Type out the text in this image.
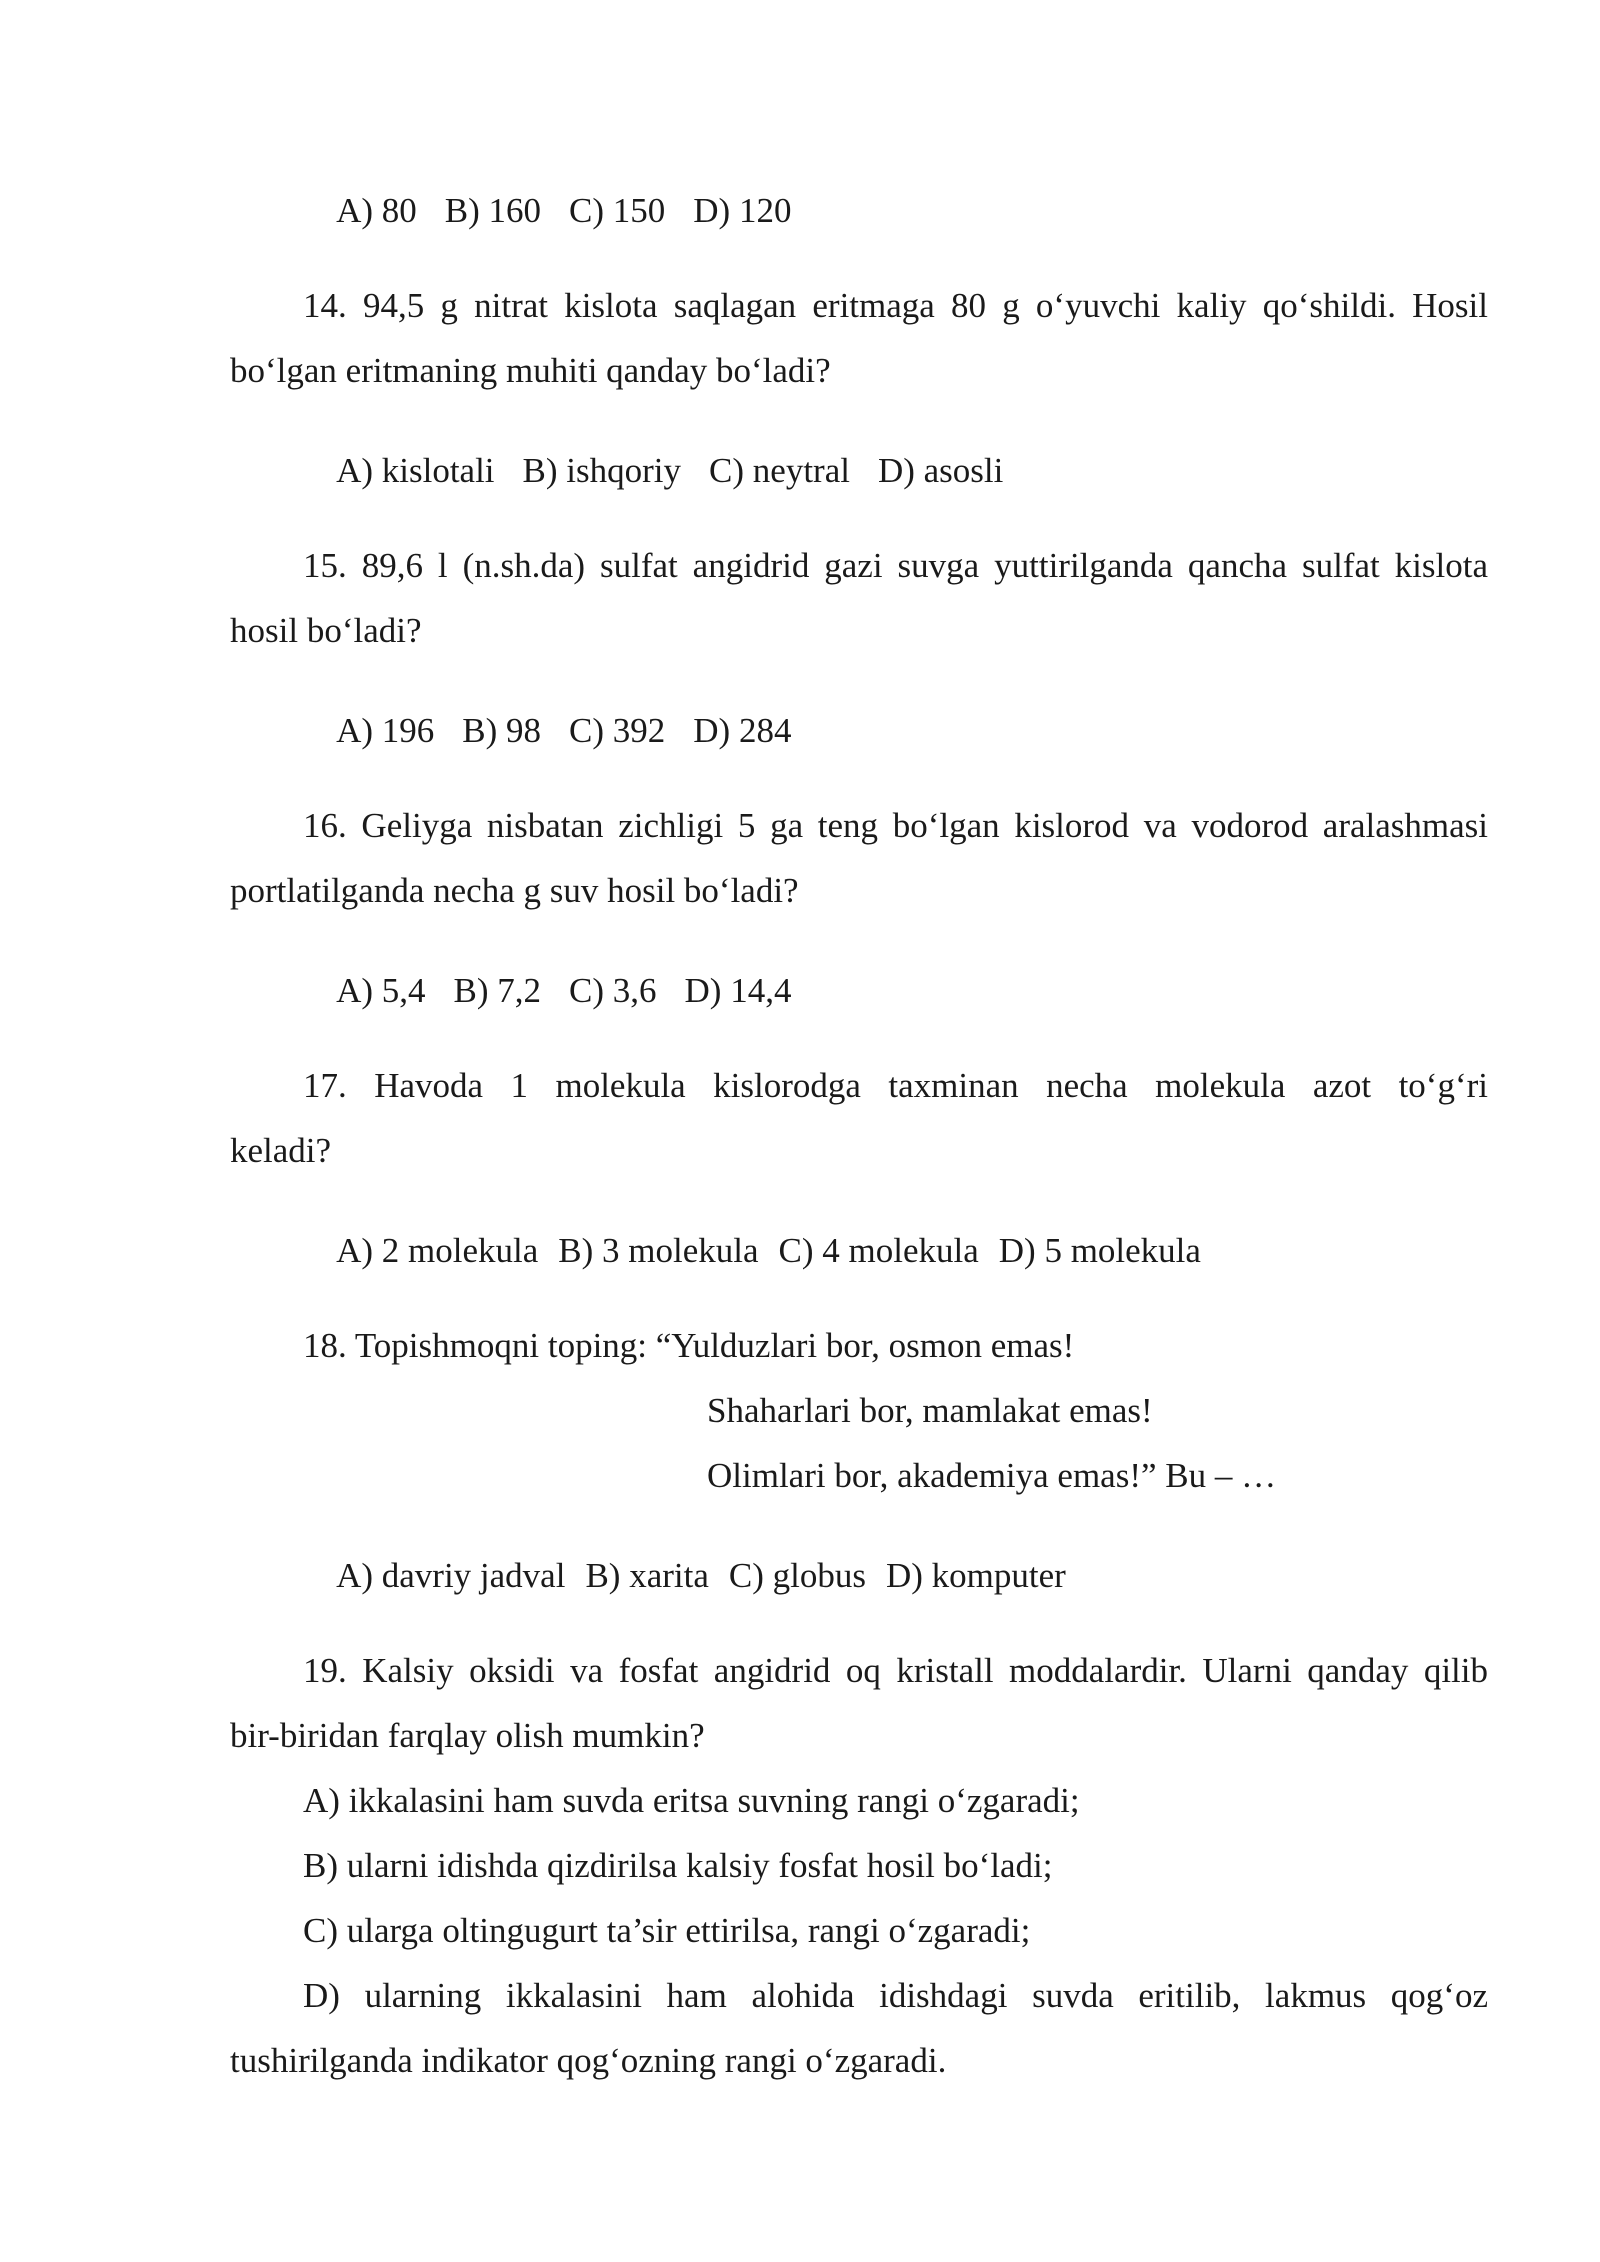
A) 80 B) 160 C) 150 D) 120

14. 94,5 g nitrat kislota saqlagan eritmaga 80 g o‘yuvchi kaliy qo‘shildi. Hosil
bo‘lgan eritmaning muhiti qanday bo‘ladi?

A) kislotali B) ishqoriy C) neytral D) asosli

15. 89,6 l (n.sh.da) sulfat angidrid gazi suvga yuttirilganda qancha sulfat kislota
hosil bo‘ladi?

A) 196 B) 98 C) 392 D) 284

16. Geliyga nisbatan zichligi 5 ga teng bo‘lgan kislorod va vodorod aralashmasi
portlatilganda necha g suv hosil bo‘ladi?

A) 5,4 B) 7,2 C) 3,6 D) 14,4

17. Havoda 1 molekula kislorodga taxminan necha molekula azot to‘g‘ri
keladi?

A) 2 molekula B) 3 molekula C) 4 molekula D) 5 molekula

18. Topishmoqni toping: “Yulduzlari bor, osmon emas!
Shaharlari bor, mamlakat emas!
Olimlari bor, akademiya emas!” Bu – …

A) davriy jadval B) xarita C) globus D) komputer

19. Kalsiy oksidi va fosfat angidrid oq kristall moddalardir. Ularni qanday qilib
bir-biridan farqlay olish mumkin?
A) ikkalasini ham suvda eritsa suvning rangi o‘zgaradi;
B) ularni idishda qizdirilsa kalsiy fosfat hosil bo‘ladi;
C) ularga oltingugurt ta’sir ettirilsa, rangi o‘zgaradi;
D) ularning ikkalasini ham alohida idishdagi suvda eritilib, lakmus qog‘oz
tushirilganda indikator qog‘ozning rangi o‘zgaradi.
